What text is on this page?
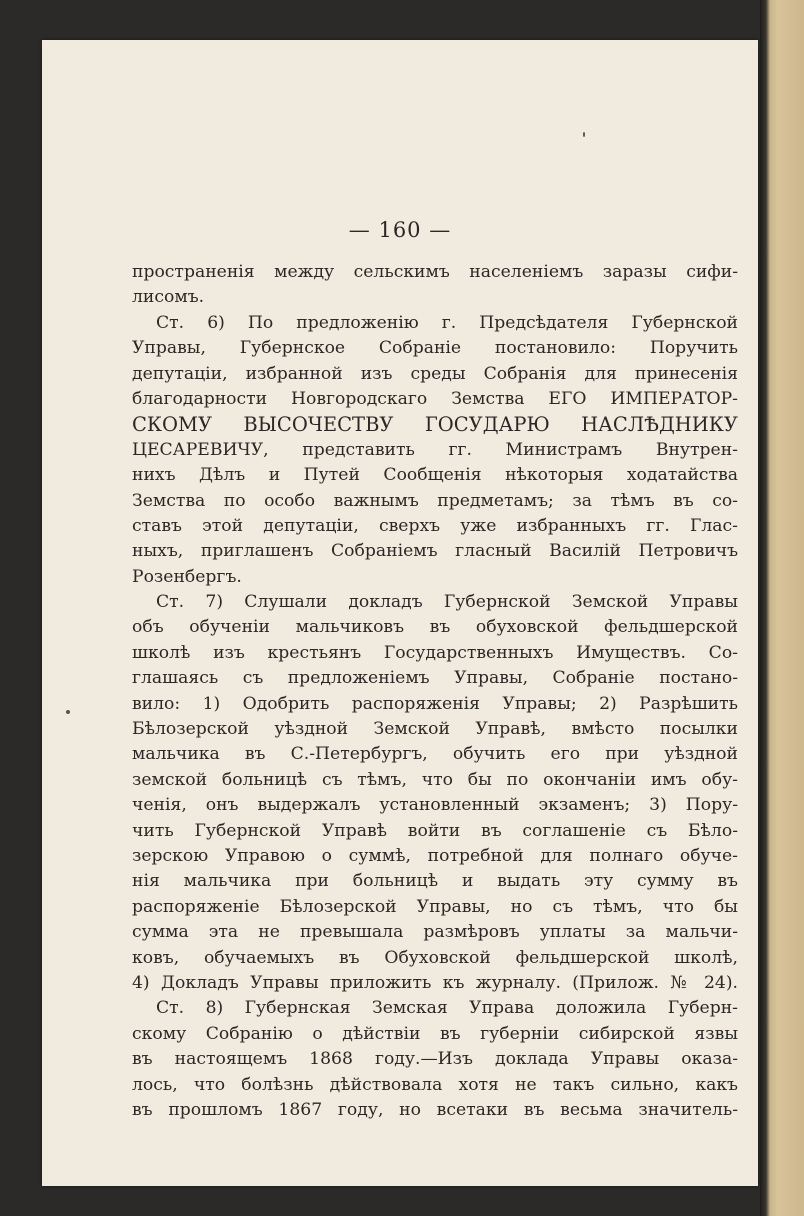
— 160 —
пространенія между сельскимъ населеніемъ заразы сифи-
лисомъ.
Ст. 6) По предложенію г. Предсѣдателя Губернской
Управы, Губернское Собраніе постановило: Поручить
депутаціи, избранной изъ среды Собранія для принесенія
благодарности Новгородскаго Земства ЕГО ИМПЕРАТОР-
СКОМУ ВЫСОЧЕСТВУ ГОСУДАРЮ НАСЛѢДНИКУ
ЦЕСАРЕВИЧУ, представить гг. Министрамъ Внутрен-
нихъ Дѣлъ и Путей Сообщенія нѣкоторыя ходатайства
Земства по особо важнымъ предметамъ; за тѣмъ въ со-
ставъ этой депутаціи, сверхъ уже избранныхъ гг. Глас-
ныхъ, приглашенъ Собраніемъ гласный Василій Петровичъ
Розенбергъ.
Ст. 7) Слушали докладъ Губернской Земской Управы
объ обученіи мальчиковъ въ обуховской фельдшерской
школѣ изъ крестьянъ Государственныхъ Имуществъ. Со-
глашаясь съ предложеніемъ Управы, Собраніе постано-
вило: 1) Одобрить распоряженія Управы; 2) Разрѣшить
Бѣлозерской уѣздной Земской Управѣ, вмѣсто посылки
мальчика въ С.-Петербургъ, обучить его при уѣздной
земской больницѣ съ тѣмъ, что бы по окончаніи имъ обу-
ченія, онъ выдержалъ установленный экзаменъ; 3) Пору-
чить Губернской Управѣ войти въ соглашеніе съ Бѣло-
зерскою Управою о суммѣ, потребной для полнаго обуче-
нія мальчика при больницѣ и выдать эту сумму въ
распоряженіе Бѣлозерской Управы, но съ тѣмъ, что бы
сумма эта не превышала размѣровъ уплаты за мальчи-
ковъ, обучаемыхъ въ Обуховской фельдшерской школѣ,
4) Докладъ Управы приложить къ журналу. (Прилож. № 24).
Ст. 8) Губернская Земская Управа доложила Губерн-
скому Собранію о дѣйствіи въ губерніи сибирской язвы
въ настоящемъ 1868 году.—Изъ доклада Управы оказа-
лось, что болѣзнь дѣйствовала хотя не такъ сильно, какъ
въ прошломъ 1867 году, но всетаки въ весьма значитель-
